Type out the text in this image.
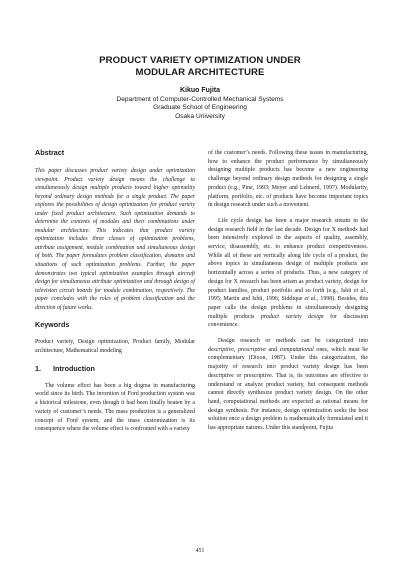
PRODUCT VARIETY OPTIMIZATION UNDER
MODULAR ARCHITECTURE
Kikuo Fujita
Department of Computer-Controlled Mechanical Systems
Graduate School of Engineering
Osaka University
Abstract

This paper discusses product variety design under optimization viewpoint. Product variety design means the challenge to simultaneously design multiple products toward higher optimality beyond ordinary design methods for a single product. The paper explores the possibilities of design optimization for product variety under fixed product architecture. Such optimization demands to determine the contents of modules and their combinations under modular architecture. This indicates that product variety optimization includes three classes of optimization problems, attribute assignment, module combination and simultaneous design of both. The paper formulates problem classification, domains and situations of such optimization problems. Further, the paper demonstrates two typical optimization examples through aircraft design for simultaneous attribute optimization and through design of television circuit boards for module combination, respectively. The paper concludes with the roles of problem classification and the direction of future works.

Keywords

Product variety, Design optimization, Product family, Modular architecture, Mathematical modeling

1. Introduction

The volume effect has been a big dogma in manufacturing world since its birth. The invention of Ford production system was a historical milestone, even though it had been finally beaten by a variety of customer’s needs. The mass production is a generalized concept of Ford system, and the mass customization is its consequence where the volume effect is confronted with a variety

of the customer’s needs. Following these issues in manufacturing, how to enhance the product performance by simultaneously designing multiple products has become a new engineering challenge beyond ordinary design methods for designing a single product (e.g., Pine, 1993; Meyer and Lehnerd, 1997). Modularity, platform, portfolio, etc. of products have become important topics in design research under such a movement.

Life cycle design has been a major research stream in the design research field in the last decade. Design for X methods had been intensively explored in the aspects of quality, assembly, service, disassembly, etc. to enhance product competitiveness. While all of these are vertically along life cycle of a product, the above topics in simultaneous design of multiple products are horizontally across a series of products. Thus, a new category of design for X research has been arisen as product variety, design for product families, product portfolio and so forth (e.g., Ishii et al., 1995; Martin and Ishii, 1996; Siddique et al., 1998). Besides, this paper calls the design problems in simultaneously designing multiple products product variety design for discussion convenience.

Design research or methods can be categorized into descriptive, prescriptive and computational ones, which must be complementary (Dixon, 1987). Under this categorization, the majority of research into product variety design has been descriptive or prescriptive. That is, its outcomes are effective to understand or analyze product variety, but consequent methods cannot directly synthesize product variety design. On the other hand, computational methods are expected as rational means for design synthesis. For instance, design optimization seeks the best solution once a design problem is mathematically formulated and it has appropriate natures. Under this standpoint, Fujita

451
